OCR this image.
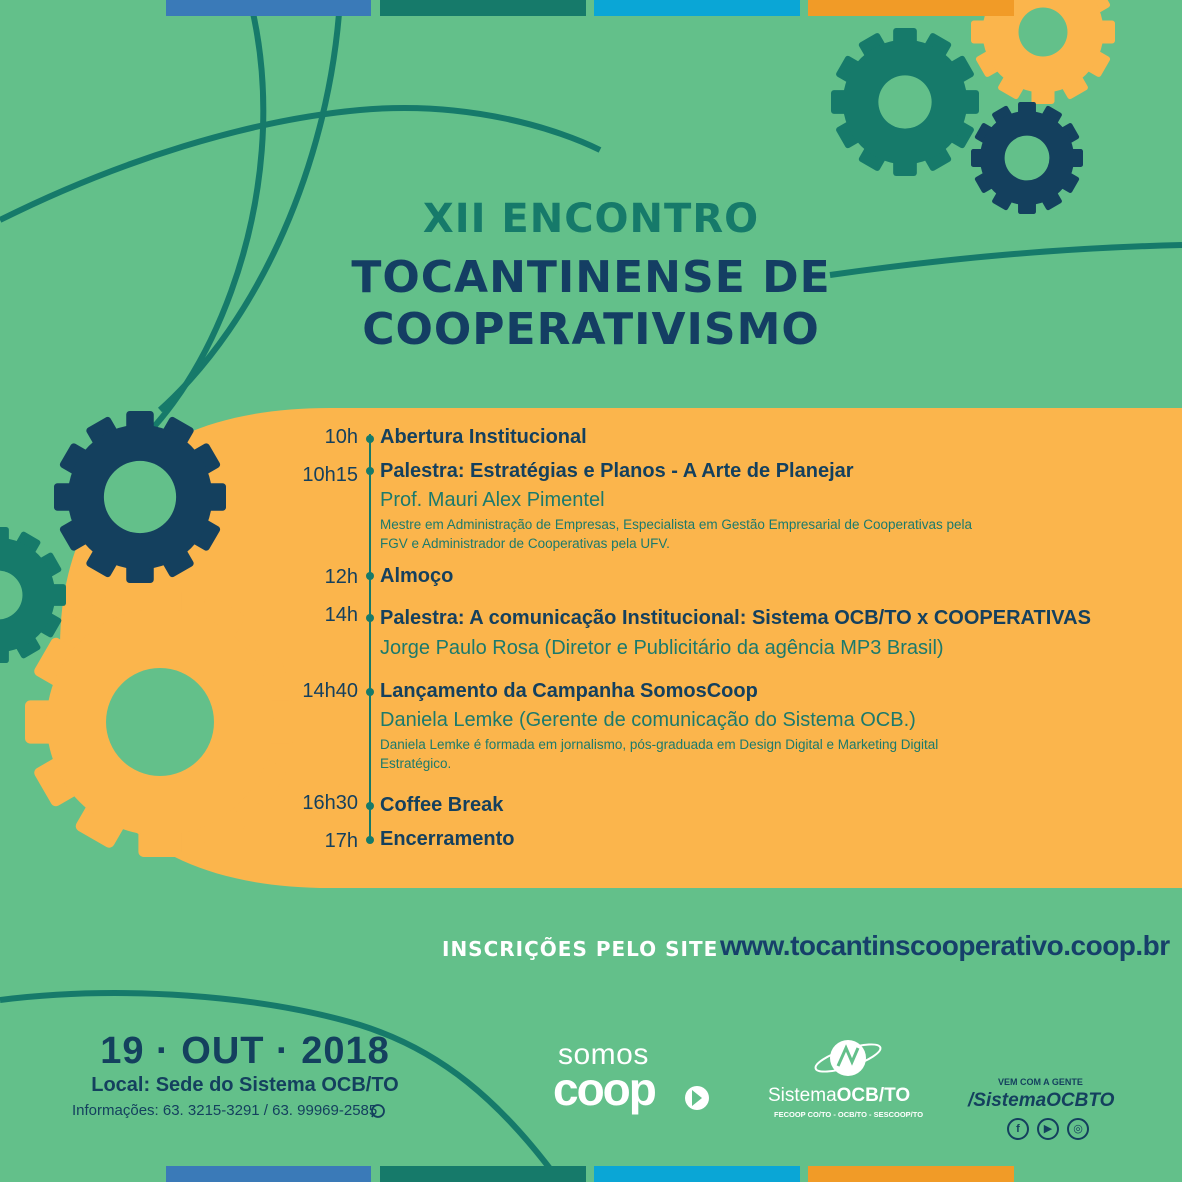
XII ENCONTRO
TOCANTINENSE DE
COOPERATIVISMO
10h Abertura Institucional
10h15 Palestra: Estratégias e Planos - A Arte de Planejar
Prof. Mauri Alex Pimentel
Mestre em Administração de Empresas, Especialista em Gestão Empresarial de Cooperativas pela FGV e Administrador de Cooperativas pela UFV.
12h Almoço
14h Palestra: A comunicação Institucional: Sistema OCB/TO x COOPERATIVAS
Jorge Paulo Rosa (Diretor e Publicitário da agência MP3 Brasil)
14h40 Lançamento da Campanha SomosCoop
Daniela Lemke (Gerente de comunicação do Sistema OCB.)
Daniela Lemke é formada em jornalismo, pós-graduada em Design Digital e Marketing Digital Estratégico.
16h30 Coffee Break
17h Encerramento
INSCRIÇÕES PELO SITE www.tocantinscooperativo.coop.br
19 · OUT · 2018
Local: Sede do Sistema OCB/TO
Informações: 63. 3215-3291 / 63. 99969-2585
somos
coop	SistemaOCB/TO
FECOOP CO/TO - OCB/TO - SESCOOP/TO
VEM COM A GENTE
/SistemaOCBTO
f	▶	◎
